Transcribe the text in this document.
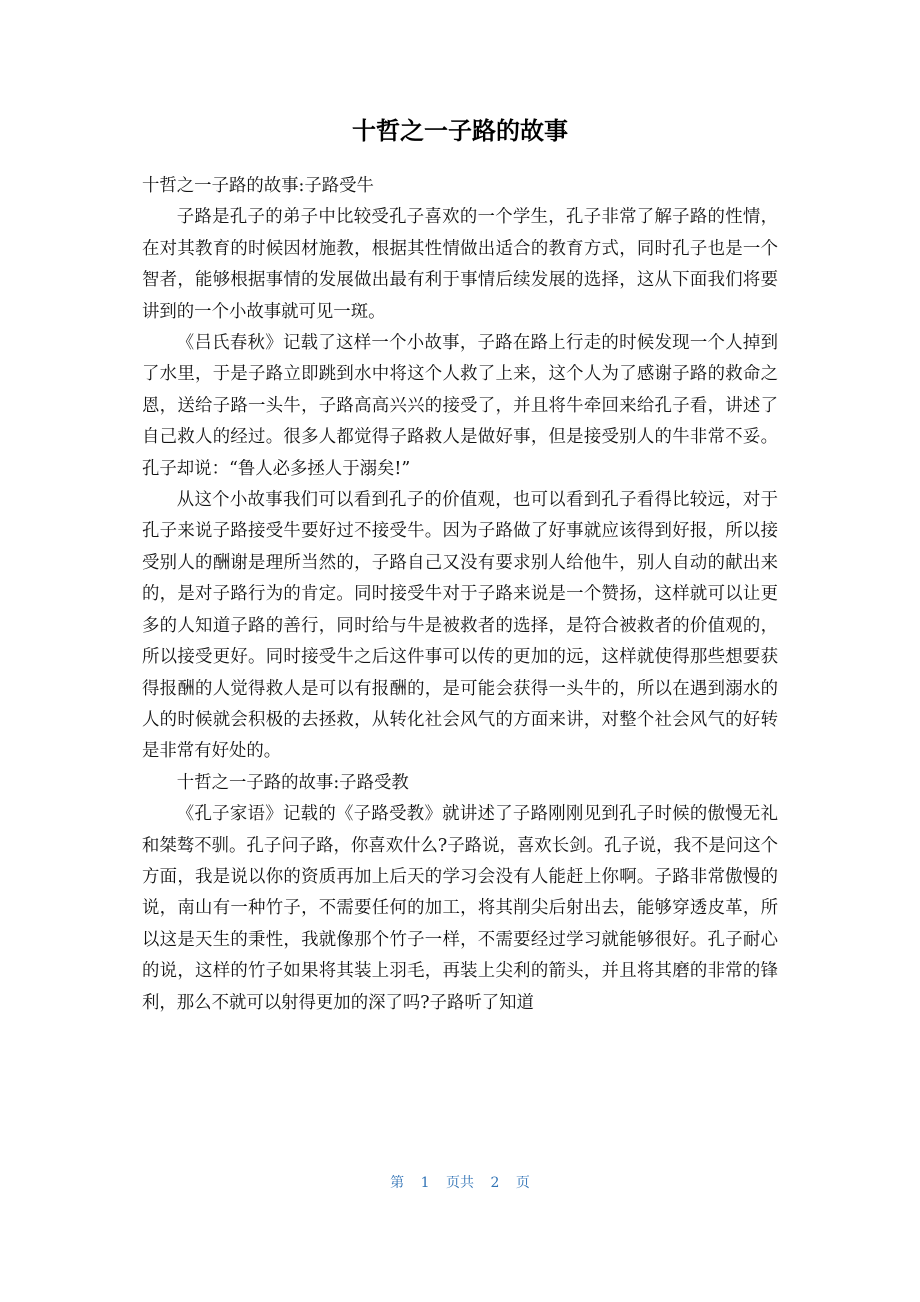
十哲之一子路的故事

十哲之一子路的故事:子路受牛

子路是孔子的弟子中比较受孔子喜欢的一个学生，孔子非常了解子路的性情，在对其教育的时候因材施教，根据其性情做出适合的教育方式，同时孔子也是一个智者，能够根据事情的发展做出最有利于事情后续发展的选择，这从下面我们将要讲到的一个小故事就可见一斑。

《吕氏春秋》记载了这样一个小故事，子路在路上行走的时候发现一个人掉到了水里，于是子路立即跳到水中将这个人救了上来，这个人为了感谢子路的救命之恩，送给子路一头牛，子路高高兴兴的接受了，并且将牛牵回来给孔子看，讲述了自己救人的经过。很多人都觉得子路救人是做好事，但是接受别人的牛非常不妥。孔子却说：“鲁人必多拯人于溺矣!”

从这个小故事我们可以看到孔子的价值观，也可以看到孔子看得比较远，对于孔子来说子路接受牛要好过不接受牛。因为子路做了好事就应该得到好报，所以接受别人的酬谢是理所当然的，子路自己又没有要求别人给他牛，别人自动的献出来的，是对子路行为的肯定。同时接受牛对于子路来说是一个赞扬，这样就可以让更多的人知道子路的善行，同时给与牛是被救者的选择，是符合被救者的价值观的，所以接受更好。同时接受牛之后这件事可以传的更加的远，这样就使得那些想要获得报酬的人觉得救人是可以有报酬的，是可能会获得一头牛的，所以在遇到溺水的人的时候就会积极的去拯救，从转化社会风气的方面来讲，对整个社会风气的好转是非常有好处的。

十哲之一子路的故事:子路受教

《孔子家语》记载的《子路受教》就讲述了子路刚刚见到孔子时候的傲慢无礼和桀骜不驯。孔子问子路，你喜欢什么?子路说，喜欢长剑。孔子说，我不是问这个方面，我是说以你的资质再加上后天的学习会没有人能赶上你啊。子路非常傲慢的说，南山有一种竹子，不需要任何的加工，将其削尖后射出去，能够穿透皮革，所以这是天生的秉性，我就像那个竹子一样，不需要经过学习就能够很好。孔子耐心的说，这样的竹子如果将其装上羽毛，再装上尖利的箭头，并且将其磨的非常的锋利，那么不就可以射得更加的深了吗?子路听了知道

第 1 页共 2 页
